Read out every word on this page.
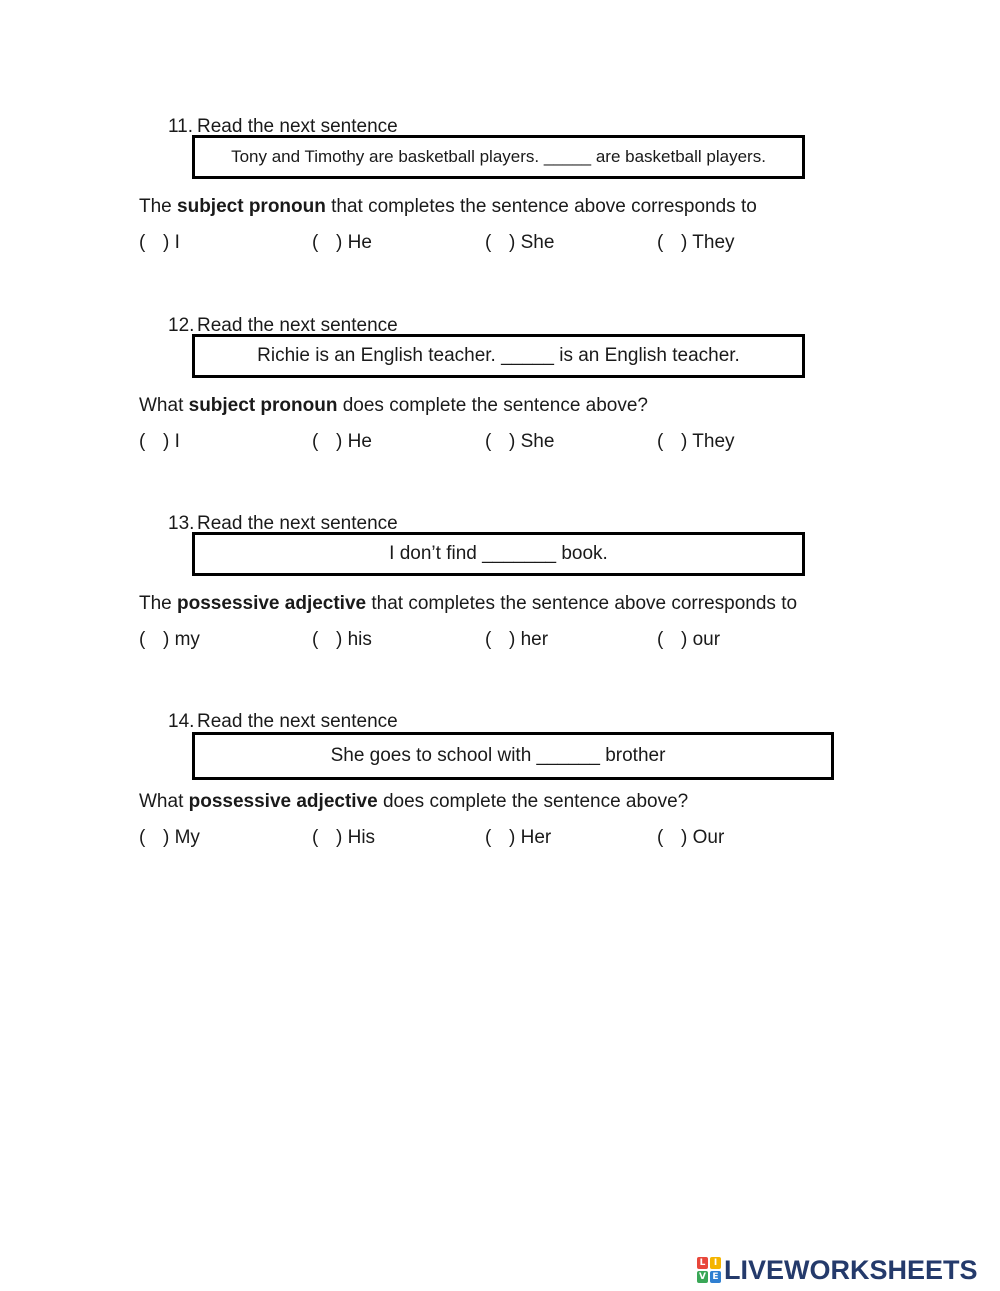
11. Read the next sentence
Tony and Timothy are basketball players. _____ are basketball players.
The subject pronoun that completes the sentence above corresponds to
( ) I	( ) He	( ) She	( ) They
12. Read the next sentence
Richie is an English teacher. _____ is an English teacher.
What subject pronoun does complete the sentence above?
( ) I	( ) He	( ) She	( ) They
13. Read the next sentence
I don’t find _______ book.
The possessive adjective that completes the sentence above corresponds to
( ) my	( ) his	( ) her	( ) our
14. Read the next sentence
She goes to school with ______ brother
What possessive adjective does complete the sentence above?
( ) My	( ) His	( ) Her	( ) Our
L I
V E LIVEWORKSHEETS
